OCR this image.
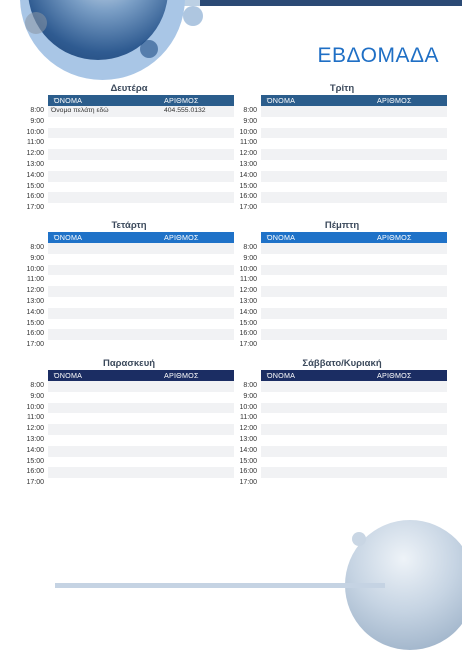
ΕΒΔΟΜΑΔΑ
Δευτέρα
ΌΝΟΜΑ	ΑΡΙΘΜΟΣ
8:00 Όνομα πελάτη εδώ	404.555.0132
9:00
10:00
11:00
12:00
13:00
14:00
15:00
16:00
17:00
Τρίτη
ΌΝΟΜΑ	ΑΡΙΘΜΟΣ
8:00
9:00
10:00
11:00
12:00
13:00
14:00
15:00
16:00
17:00
Τετάρτη
ΌΝΟΜΑ	ΑΡΙΘΜΟΣ
8:00
9:00
10:00
11:00
12:00
13:00
14:00
15:00
16:00
17:00
Πέμπτη
ΌΝΟΜΑ	ΑΡΙΘΜΟΣ
8:00
9:00
10:00
11:00
12:00
13:00
14:00
15:00
16:00
17:00
Παρασκευή
ΌΝΟΜΑ	ΑΡΙΘΜΟΣ
8:00
9:00
10:00
11:00
12:00
13:00
14:00
15:00
16:00
17:00
Σάββατο/Κυριακή
ΌΝΟΜΑ	ΑΡΙΘΜΟΣ
8:00
9:00
10:00
11:00
12:00
13:00
14:00
15:00
16:00
17:00
